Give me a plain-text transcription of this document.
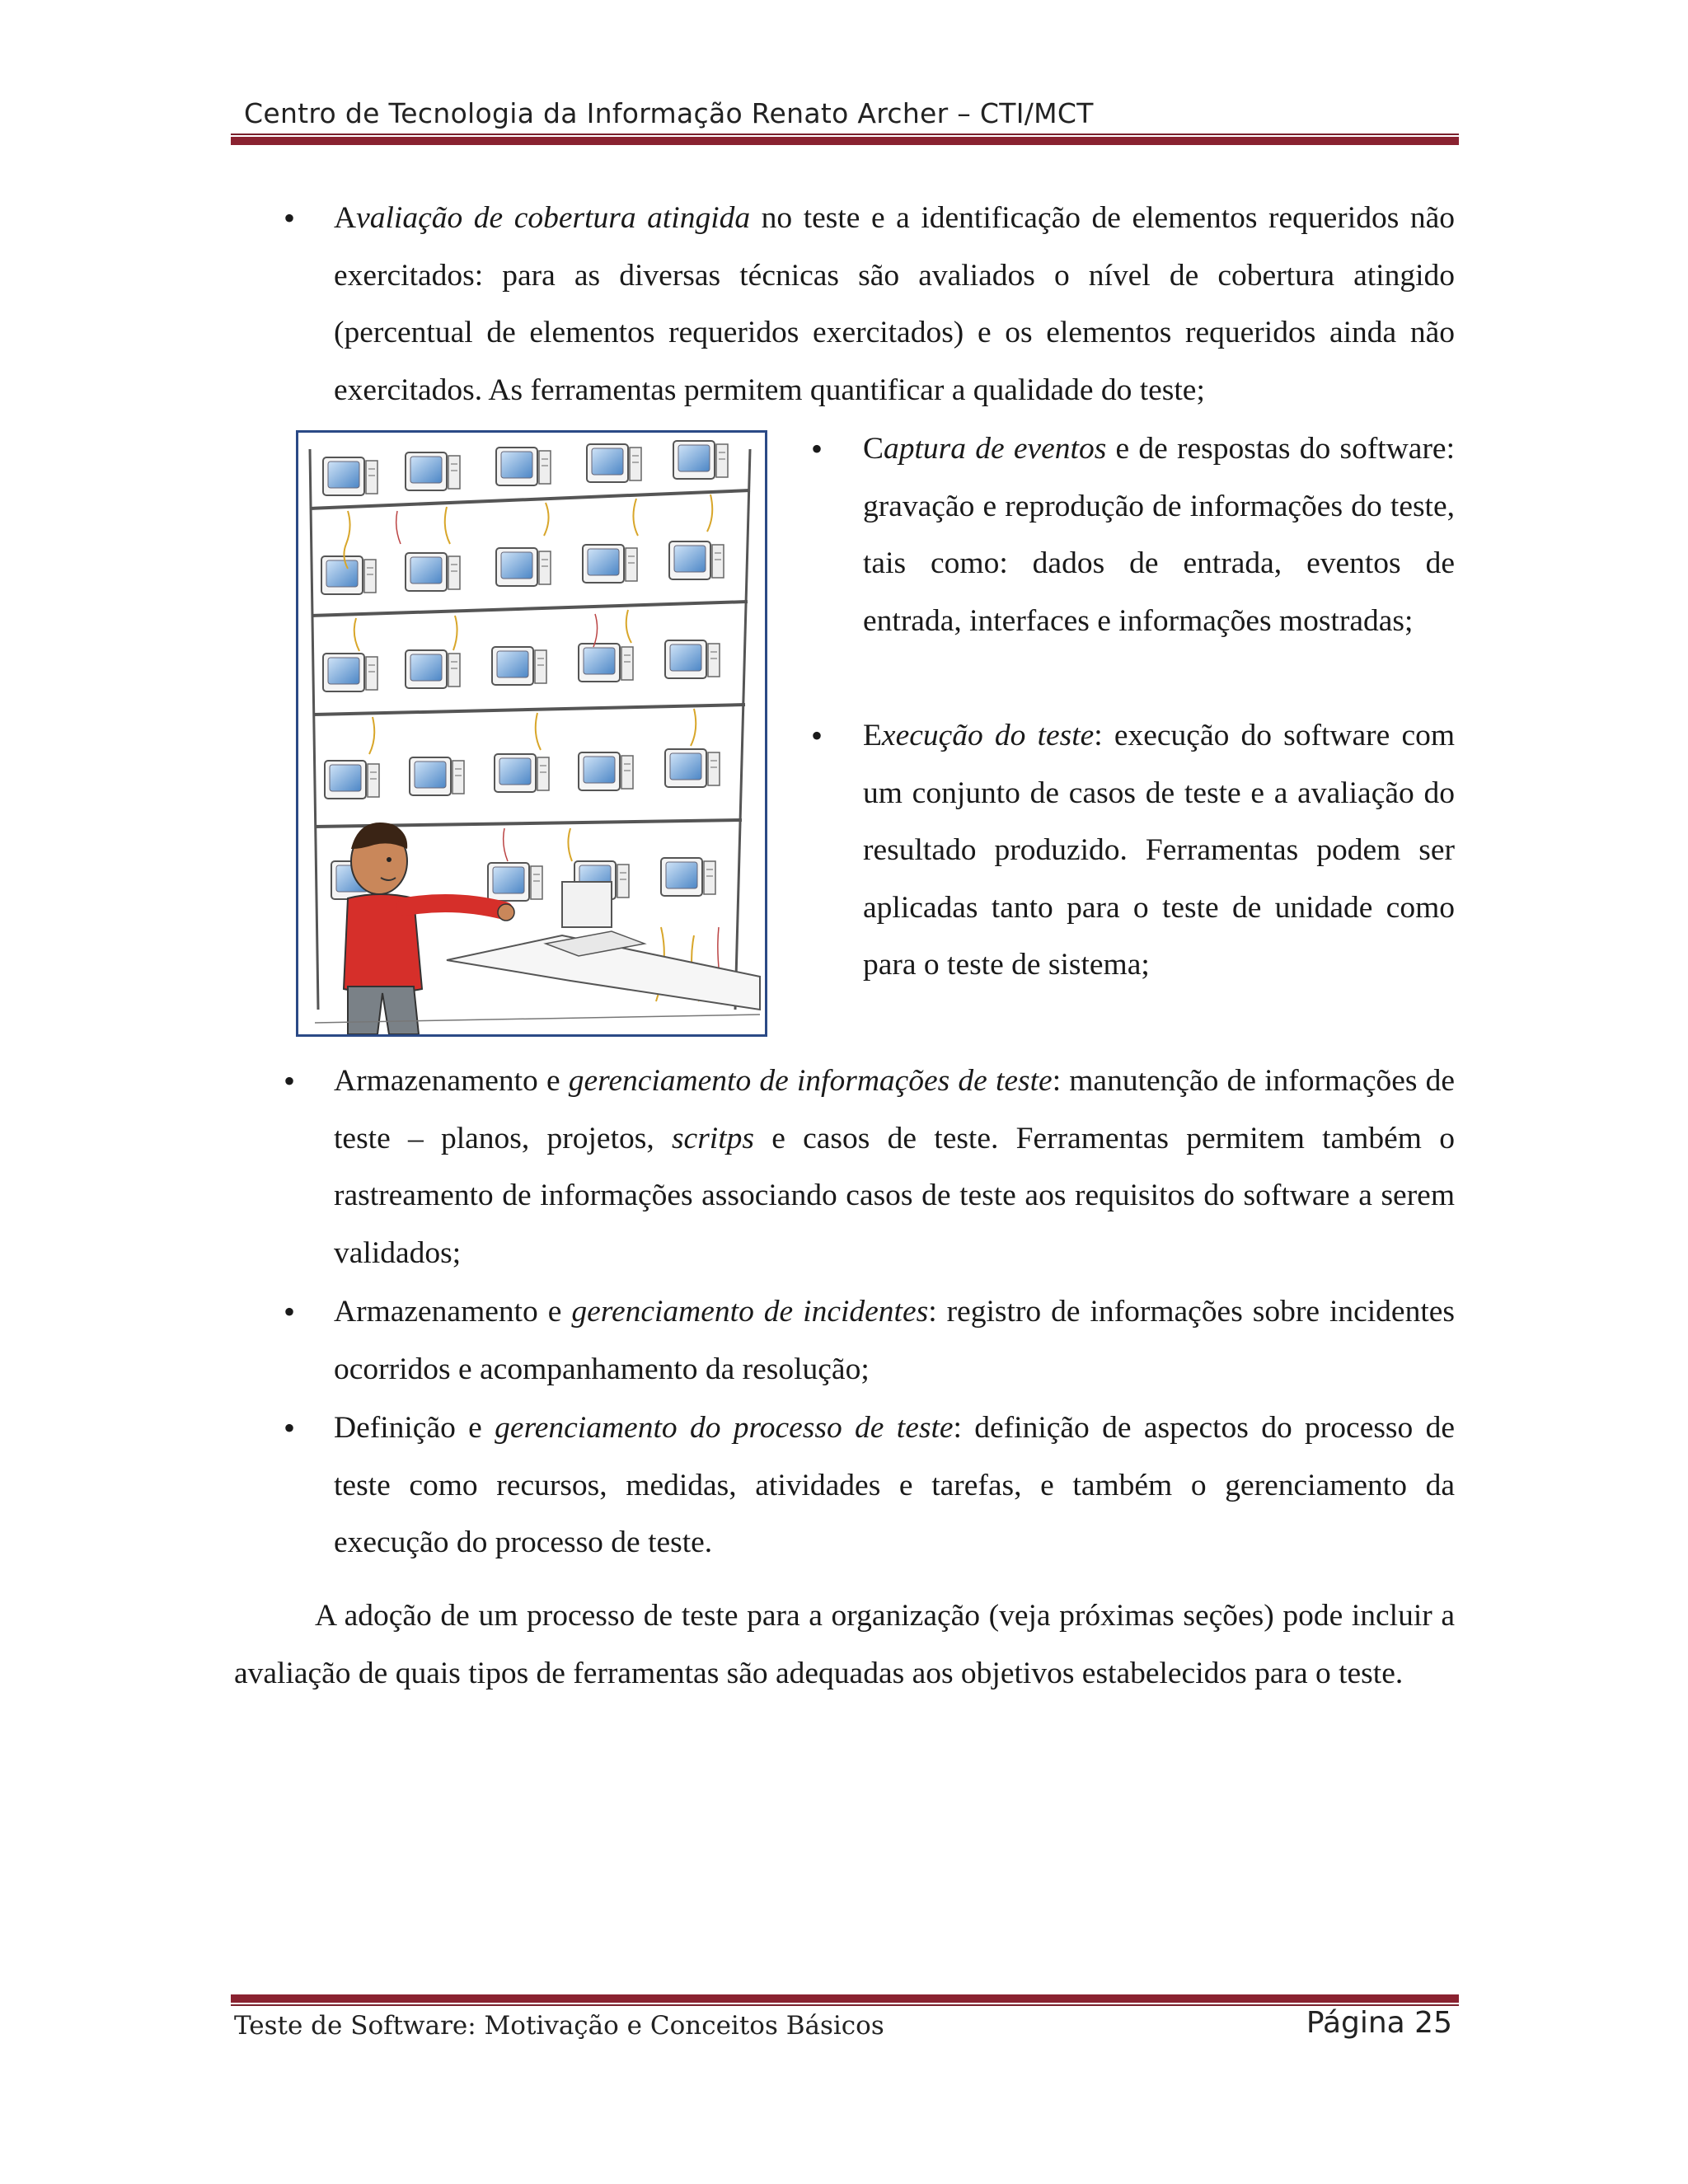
Centro de Tecnologia da Informação Renato Archer – CTI/MCT
• Avaliação de cobertura atingida no teste e a identificação de elementos requeridos não exercitados: para as diversas técnicas são avaliados o nível de cobertura atingido (percentual de elementos requeridos exercitados) e os elementos requeridos ainda não exercitados. As ferramentas permitem quantificar a qualidade do teste;

• Captura de eventos e de respostas do software: gravação e reprodução de informações do teste, tais como: dados de entrada, eventos de entrada, interfaces e informações mostradas;

• Execução do teste: execução do software com um conjunto de casos de teste e a avaliação do resultado produzido. Ferramentas podem ser aplicadas tanto para o teste de unidade como para o teste de sistema;

• Armazenamento e gerenciamento de informações de teste: manutenção de informações de teste – planos, projetos, scritps e casos de teste. Ferramentas permitem também o rastreamento de informações associando casos de teste aos requisitos do software a serem validados;

• Armazenamento e gerenciamento de incidentes: registro de informações sobre incidentes ocorridos e acompanhamento da resolução;

• Definição e gerenciamento do processo de teste: definição de aspectos do processo de teste como recursos, medidas, atividades e tarefas, e também o gerenciamento da execução do processo de teste.

A adoção de um processo de teste para a organização (veja próximas seções) pode incluir a avaliação de quais tipos de ferramentas são adequadas aos objetivos estabelecidos para o teste.

Teste de Software: Motivação e Conceitos Básicos	Página 25
